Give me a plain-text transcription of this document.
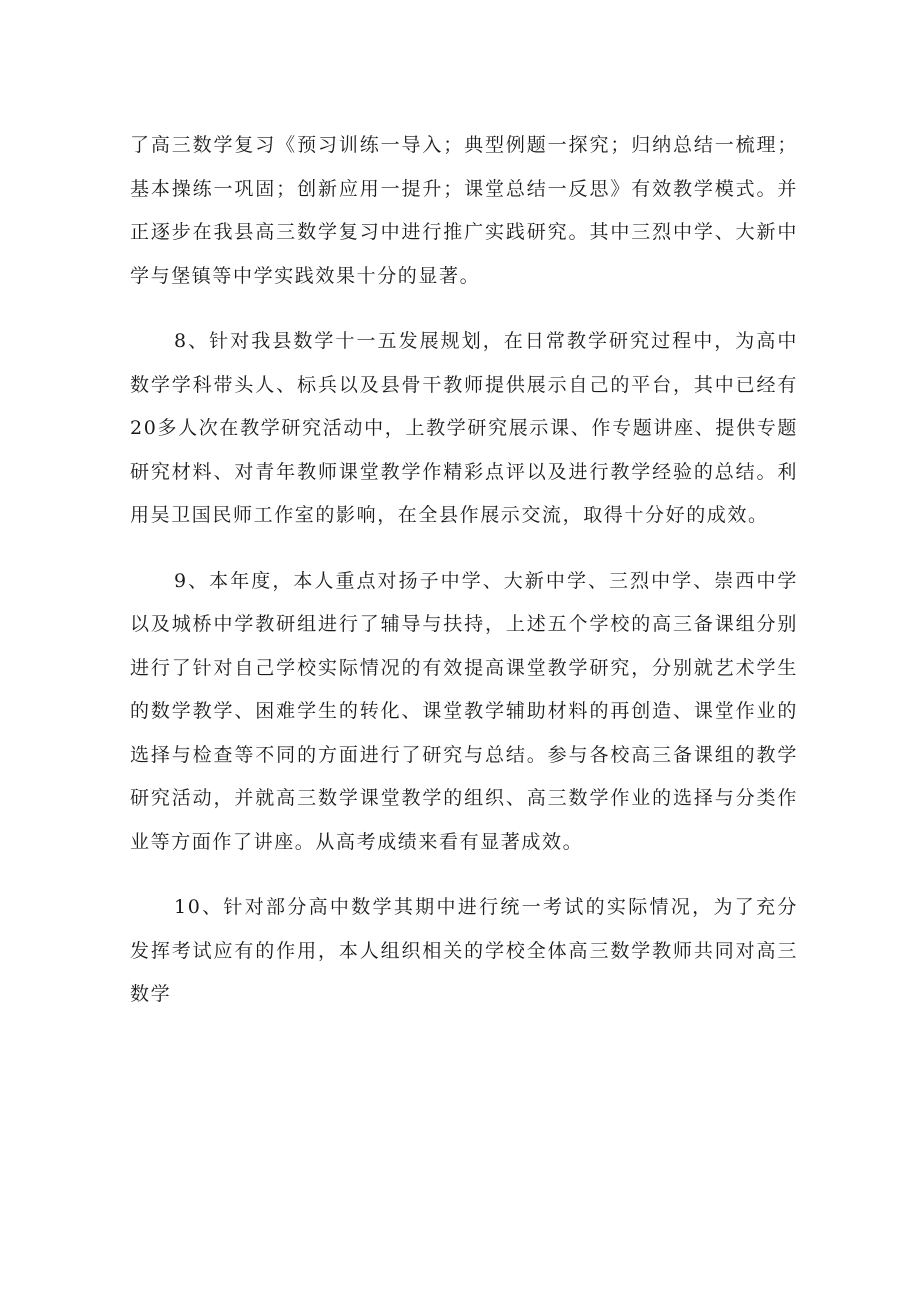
了高三数学复习《预习训练一导入；典型例题一探究；归纳总结一梳理；基本操练一巩固；创新应用一提升；课堂总结一反思》有效教学模式。并正逐步在我县高三数学复习中进行推广实践研究。其中三烈中学、大新中学与堡镇等中学实践效果十分的显著。

8、针对我县数学十一五发展规划，在日常教学研究过程中，为高中数学学科带头人、标兵以及县骨干教师提供展示自己的平台，其中已经有20多人次在教学研究活动中，上教学研究展示课、作专题讲座、提供专题研究材料、对青年教师课堂教学作精彩点评以及进行教学经验的总结。利用吴卫国民师工作室的影响，在全县作展示交流，取得十分好的成效。

9、本年度，本人重点对扬子中学、大新中学、三烈中学、崇西中学以及城桥中学教研组进行了辅导与扶持，上述五个学校的高三备课组分别进行了针对自己学校实际情况的有效提高课堂教学研究，分别就艺术学生的数学教学、困难学生的转化、课堂教学辅助材料的再创造、课堂作业的选择与检查等不同的方面进行了研究与总结。参与各校高三备课组的教学研究活动，并就高三数学课堂教学的组织、高三数学作业的选择与分类作业等方面作了讲座。从高考成绩来看有显著成效。

10、针对部分高中数学其期中进行统一考试的实际情况，为了充分发挥考试应有的作用，本人组织相关的学校全体高三数学教师共同对高三数学
